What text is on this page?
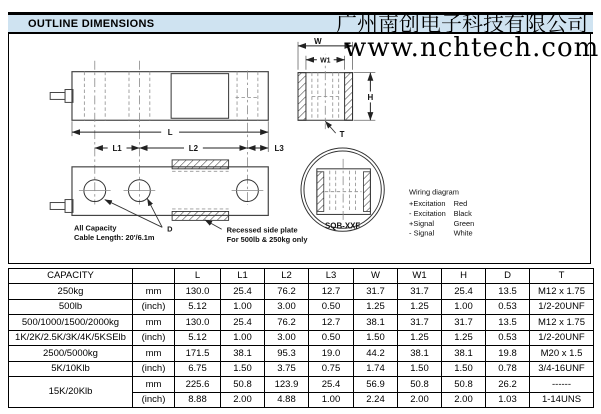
OUTLINE DIMENSIONS	广州南创电子科技有限公司
www.nchtech.com
L
L1	L2	L3
D
All Capacity
Cable Length: 20'/6.1m
Recessed side plate
For 500lb & 250kg only
W
W1
H
T
SQB-XXF
Wiring diagram
+Excitation Red
- Excitation Black
+Signal	Green
- Signal	White
CAPACITY		L	L1	L2	L3	W	W1	H	D	T
250kg	mm	130.0	25.4	76.2	12.7	31.7	31.7	25.4	13.5	M12 x 1.75
500lb	(inch)	5.12	1.00	3.00	0.50	1.25	1.25	1.00	0.53	1/2-20UNF
500/1000/1500/2000kg	mm	130.0	25.4	76.2	12.7	38.1	31.7	31.7	13.5	M12 x 1.75
1K/2K/2.5K/3K/4K/5KSElb	(inch)	5.12	1.00	3.00	0.50	1.50	1.25	1.25	0.53	1/2-20UNF
2500/5000kg	mm	171.5	38.1	95.3	19.0	44.2	38.1	38.1	19.8	M20 x 1.5
5K/10Klb	(inch)	6.75	1.50	3.75	0.75	1.74	1.50	1.50	0.78	3/4-16UNF
15K/20Klb	mm	225.6	50.8	123.9	25.4	56.9	50.8	50.8	26.2	------
	(inch)	8.88	2.00	4.88	1.00	2.24	2.00	2.00	1.03	1-14UNS
